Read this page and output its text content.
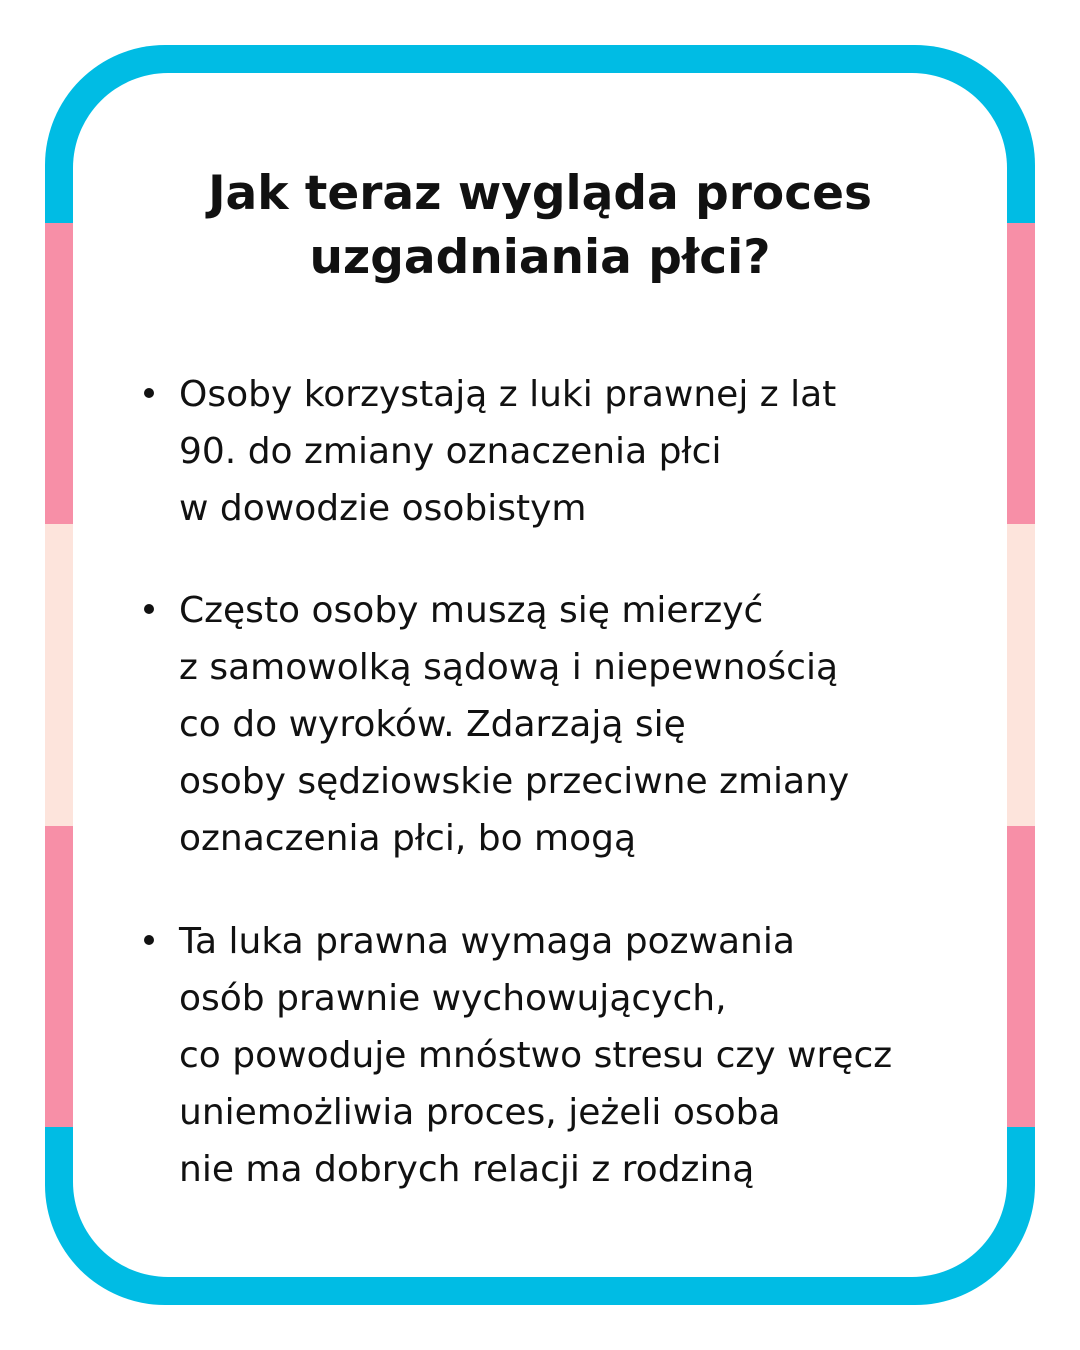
Jak teraz wygląda proces
uzgadniania płci?
Osoby korzystają z luki prawnej z lat
90. do zmiany oznaczenia płci
w dowodzie osobistym
Często osoby muszą się mierzyć
z samowolką sądową i niepewnością
co do wyroków. Zdarzają się
osoby sędziowskie przeciwne zmiany
oznaczenia płci, bo mogą
Ta luka prawna wymaga pozwania
osób prawnie wychowujących,
co powoduje mnóstwo stresu czy wręcz
uniemożliwia proces, jeżeli osoba
nie ma dobrych relacji z rodziną
